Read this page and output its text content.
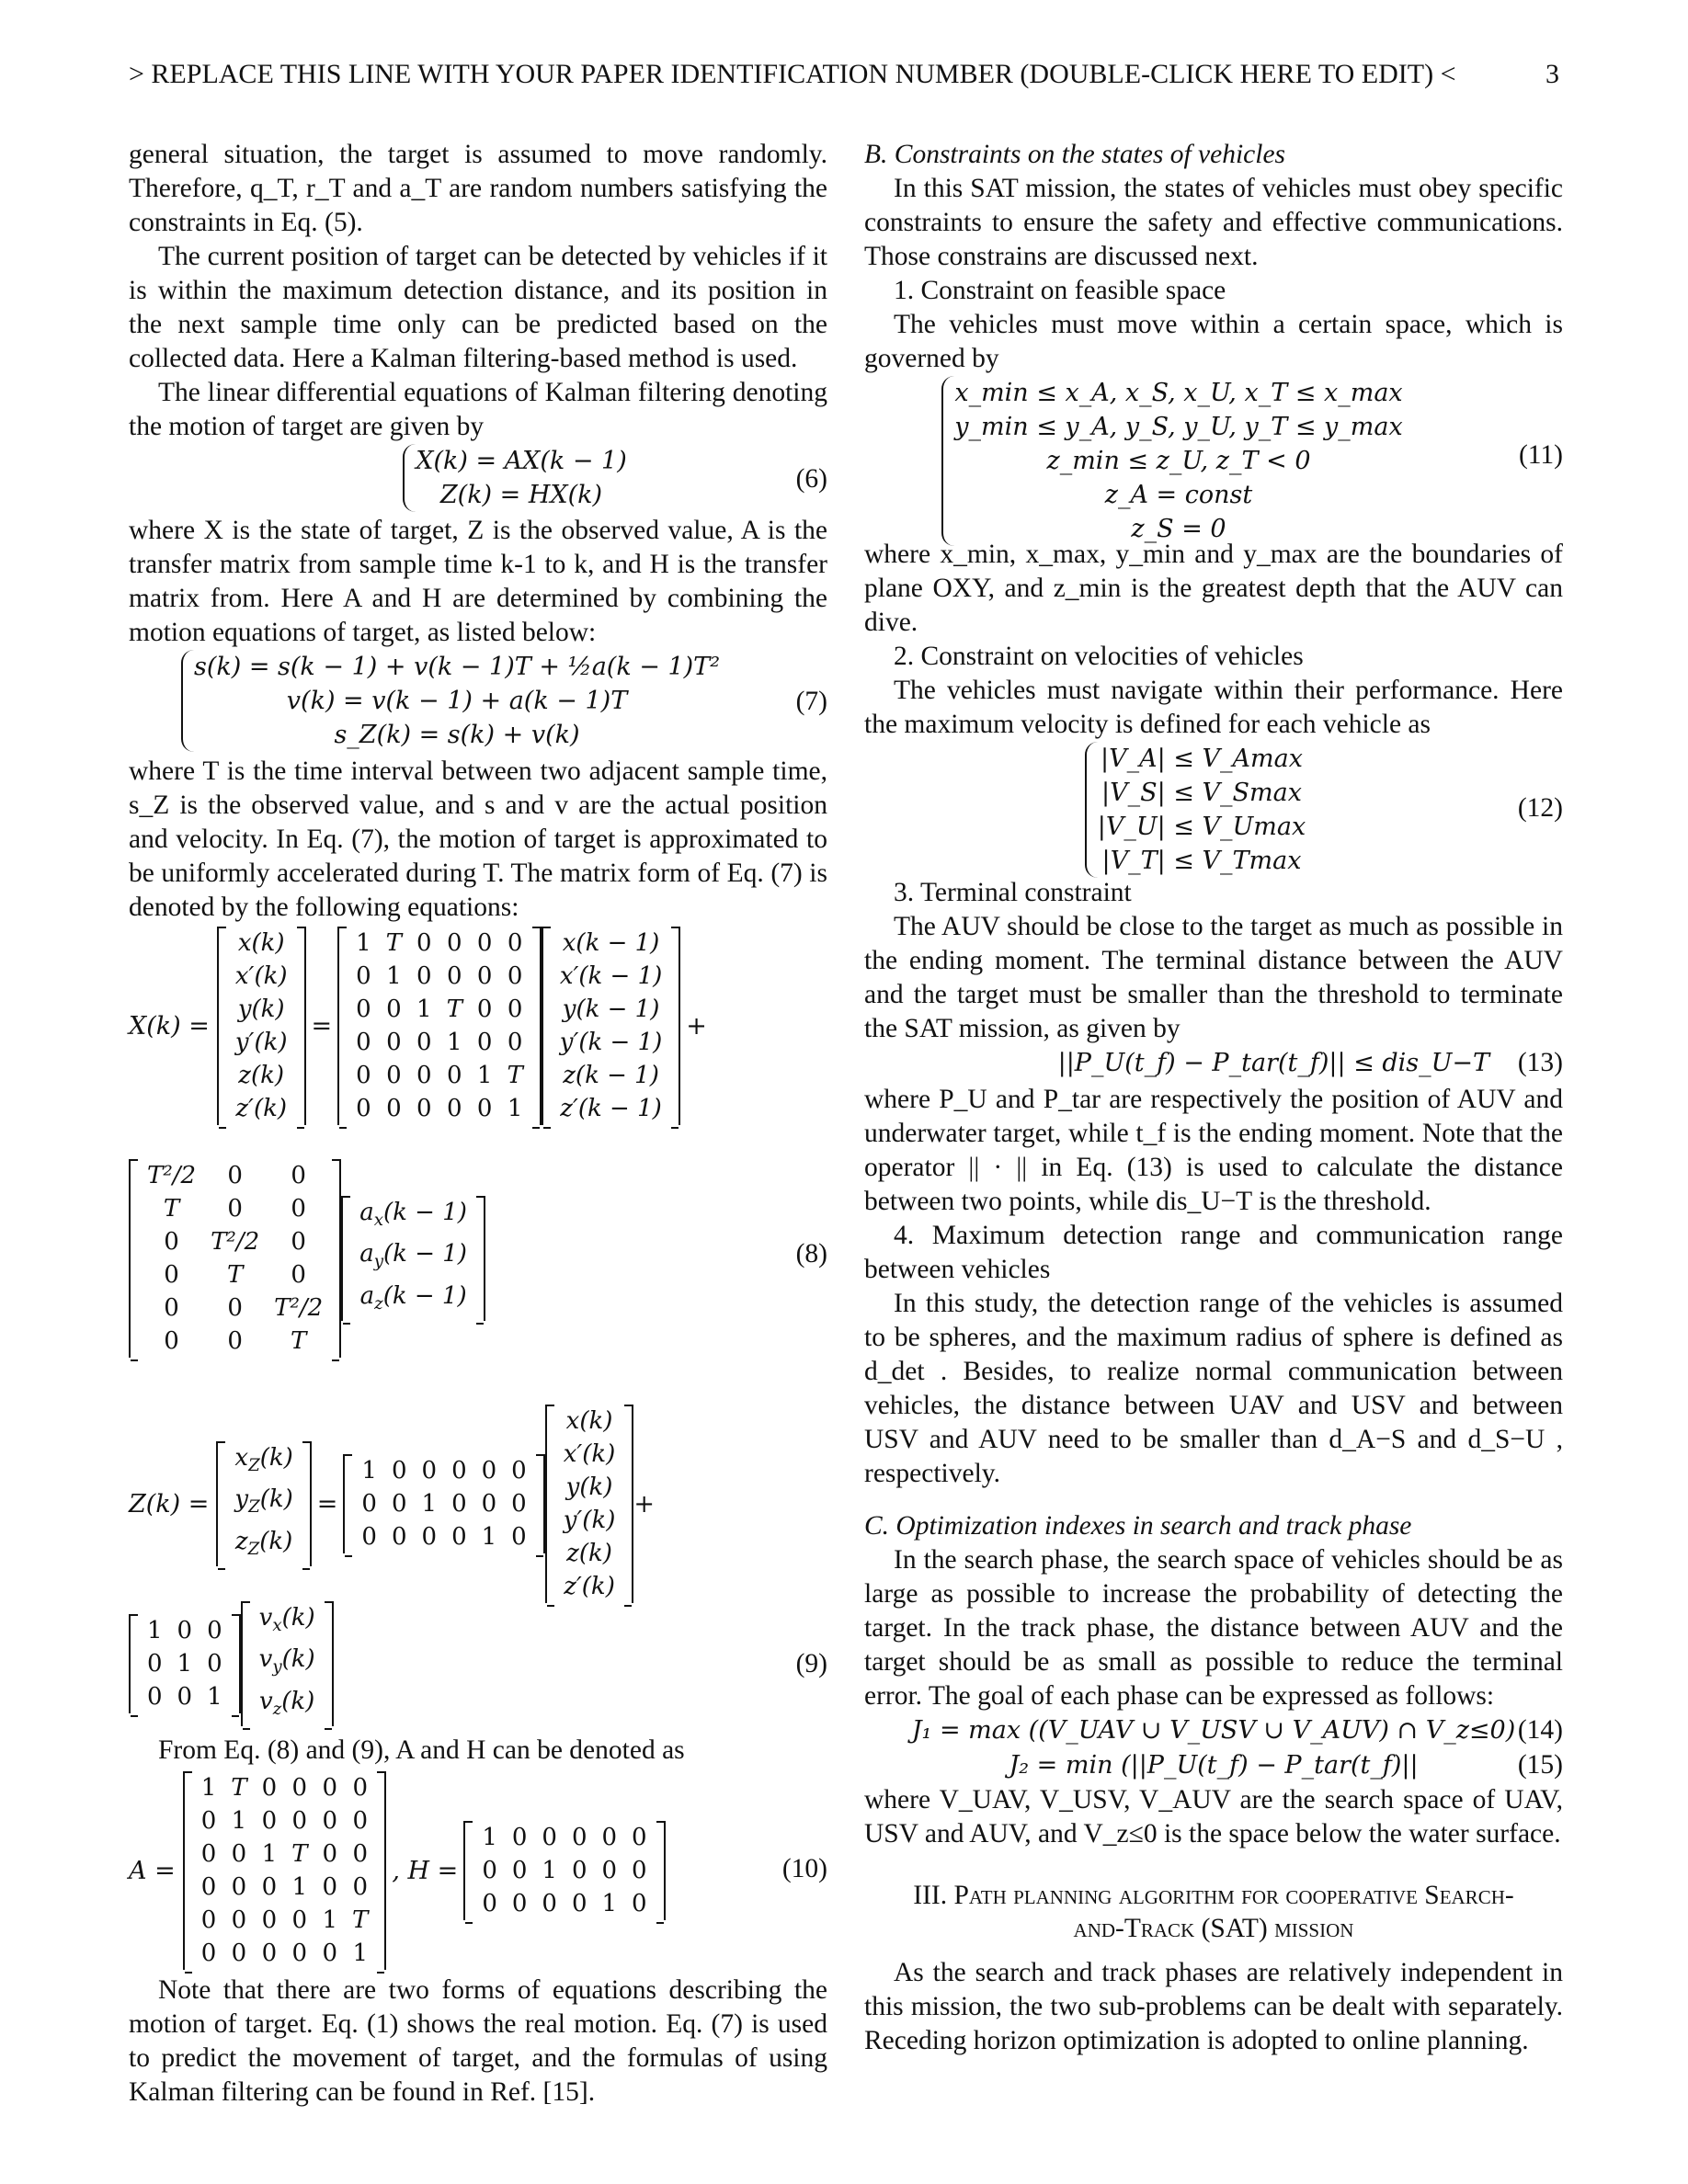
> REPLACE THIS LINE WITH YOUR PAPER IDENTIFICATION NUMBER (DOUBLE-CLICK HERE TO EDIT) <	3

general situation, the target is assumed to move randomly. Therefore, q_T, r_T and a_T are random numbers satisfying the constraints in Eq. (5).

The current position of target can be detected by vehicles if it is within the maximum detection distance, and its position in the next sample time only can be predicted based on the collected data. Here a Kalman filtering-based method is used.

The linear differential equations of Kalman filtering denoting the motion of target are given by

X(k) = AX(k − 1)
Z(k) = HX(k)
(6)

where X is the state of target, Z is the observed value, A is the transfer matrix from sample time k-1 to k, and H is the transfer matrix from. Here A and H are determined by combining the motion equations of target, as listed below:

s(k) = s(k − 1) + v(k − 1)T + ½a(k − 1)T²
v(k) = v(k − 1) + a(k − 1)T
s_Z(k) = s(k) + v(k)
(7)

where T is the time interval between two adjacent sample time, s_Z is the observed value, and s and v are the actual position and velocity. In Eq. (7), the motion of target is approximated to be uniformly accelerated during T. The matrix form of Eq. (7) is denoted by the following equations:

X(k) =
x(k)
x′(k)
y(k)
y′(k)
z(k)
z′(k)
=
1	T	0	0	0	0
0	1	0	0	0	0
0	0	1	T	0	0
0	0	0	1	0	0
0	0	0	0	1	T
0	0	0	0	0	1
x(k − 1)
x′(k − 1)
y(k − 1)
y′(k − 1)
z(k − 1)
z′(k − 1)
+
T²/2	0	0
T	0	0
0	T²/2	0
0	T	0
0	0	T²/2
0	0	T
$a_x(k - 1)$
$a_y(k - 1)$
$a_z(k - 1)$
(8)
Z(k) =
$x_Z(k)$
$y_Z(k)$
$z_Z(k)$
=
1	0	0	0	0	0
0	0	1	0	0	0
0	0	0	0	1	0
x(k)
x′(k)
y(k)
y′(k)
z(k)
z′(k)
+
1	0	0
0	1	0
0	0	1
$v_x(k)$
$v_y(k)$
$v_z(k)$
(9)

From Eq. (8) and (9), A and H can be denoted as

A =
1	T	0	0	0	0
0	1	0	0	0	0
0	0	1	T	0	0
0	0	0	1	0	0
0	0	0	0	1	T
0	0	0	0	0	1
, H =
1	0	0	0	0	0
0	0	1	0	0	0
0	0	0	0	1	0
(10)

Note that there are two forms of equations describing the motion of target. Eq. (1) shows the real motion. Eq. (7) is used to predict the movement of target, and the formulas of using Kalman filtering can be found in Ref. [15].

B. Constraints on the states of vehicles

In this SAT mission, the states of vehicles must obey specific constraints to ensure the safety and effective communications. Those constrains are discussed next.

1. Constraint on feasible space

The vehicles must move within a certain space, which is governed by

x_min ≤ x_A, x_S, x_U, x_T ≤ x_max
y_min ≤ y_A, y_S, y_U, y_T ≤ y_max
z_min ≤ z_U, z_T < 0
z_A = const
z_S = 0
(11)

where x_min, x_max, y_min and y_max are the boundaries of plane OXY, and z_min is the greatest depth that the AUV can dive.

2. Constraint on velocities of vehicles

The vehicles must navigate within their performance. Here the maximum velocity is defined for each vehicle as

|V_A| ≤ V_Amax
|V_S| ≤ V_Smax
|V_U| ≤ V_Umax
|V_T| ≤ V_Tmax
(12)

3. Terminal constraint

The AUV should be close to the target as much as possible in the ending moment. The terminal distance between the AUV and the target must be smaller than the threshold to terminate the SAT mission, as given by

||P_U(t_f) − P_tar(t_f)|| ≤ dis_U−T (13)

where P_U and P_tar are respectively the position of AUV and underwater target, while t_f is the ending moment. Note that the operator || · || in Eq. (13) is used to calculate the distance between two points, while dis_U−T is the threshold.

4. Maximum detection range and communication range between vehicles

In this study, the detection range of the vehicles is assumed to be spheres, and the maximum radius of sphere is defined as d_det . Besides, to realize normal communication between vehicles, the distance between UAV and USV and between USV and AUV need to be smaller than d_A−S and d_S−U , respectively.

C. Optimization indexes in search and track phase

In the search phase, the search space of vehicles should be as large as possible to increase the probability of detecting the target. In the track phase, the distance between AUV and the target should be as small as possible to reduce the terminal error. The goal of each phase can be expressed as follows:

J₁ = max ((V_UAV ∪ V_USV ∪ V_AUV) ∩ V_z≤0) (14)
J₂ = min (||P_U(t_f) − P_tar(t_f)||	(15)

where V_UAV, V_USV, V_AUV are the search space of UAV, USV and AUV, and V_z≤0 is the space below the water surface.

III. Path planning algorithm for cooperative Search-
and-Track (SAT) mission

As the search and track phases are relatively independent in this mission, the two sub-problems can be dealt with separately. Receding horizon optimization is adopted to online planning.
